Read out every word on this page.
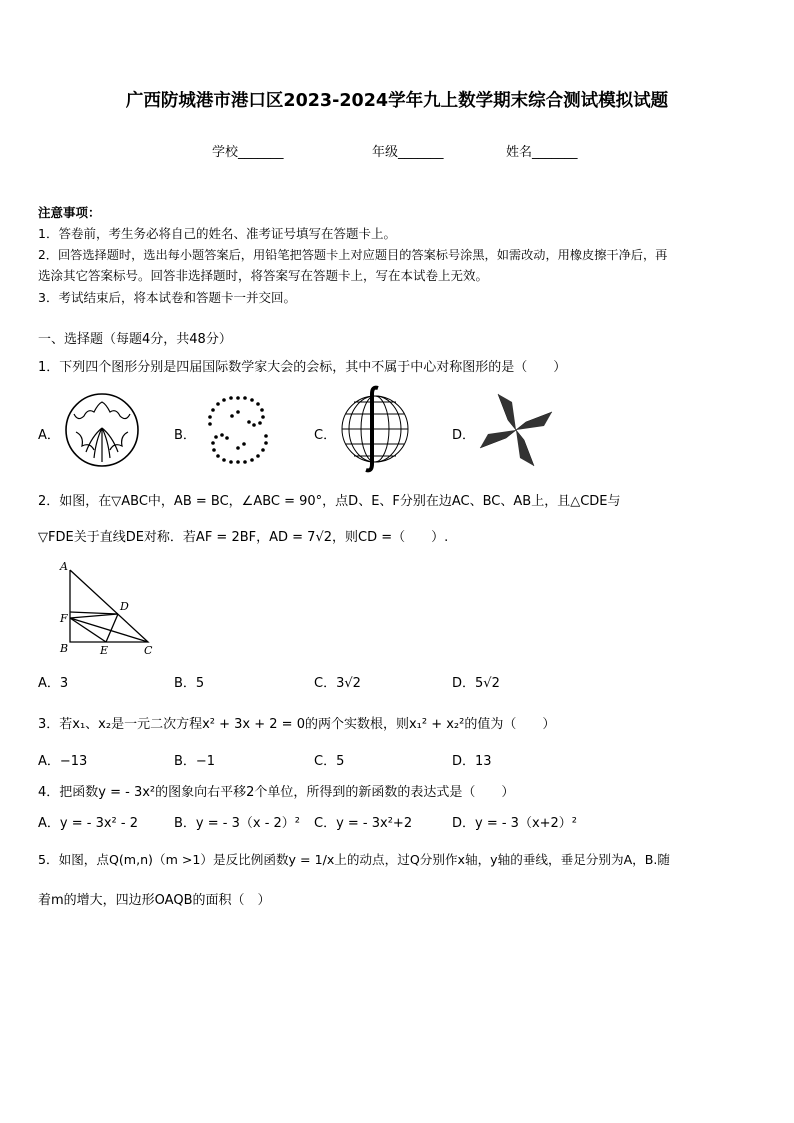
广西防城港市港口区2023-2024学年九上数学期末综合测试模拟试题
学校_______	年级_______	姓名_______
注意事项：
1．答卷前，考生务必将自己的姓名、准考证号填写在答题卡上。
2．回答选择题时，选出每小题答案后，用铅笔把答题卡上对应题目的答案标号涂黑，如需改动，用橡皮擦干净后，再
选涂其它答案标号。回答非选择题时，将答案写在答题卡上，写在本试卷上无效。
3．考试结束后，将本试卷和答题卡一并交回。
一、选择题（每题4分，共48分）
1．下列四个图形分别是四届国际数学家大会的会标，其中不属于中心对称图形的是（　　）
A．	B．	C．	D．
2．如图，在▽ABC中，AB = BC，∠ABC = 90°，点D、E、F分别在边AC、BC、AB上，且△CDE与
▽FDE关于直线DE对称．若AF = 2BF，AD = 7√2，则CD =（　　）.
A
B	C
D
E
F
A．3	B．5	C．3√2	D．5√2
3．若x₁、x₂是一元二次方程x² + 3x + 2 = 0的两个实数根，则x₁² + x₂²的值为（　　）
A．−13	B．−1	C．5	D．13
4．把函数y = - 3x²的图象向右平移2个单位，所得到的新函数的表达式是（　　）
A．y = - 3x² - 2	B．y = - 3（x - 2）² C．y = - 3x²+2	D．y = - 3（x+2）²
5．如图，点Q(m,n)（m >1）是反比例函数y = 1/x上的动点，过Q分别作x轴，y轴的垂线，垂足分别为A，B.随
着m的增大，四边形OAQB的面积（　）
